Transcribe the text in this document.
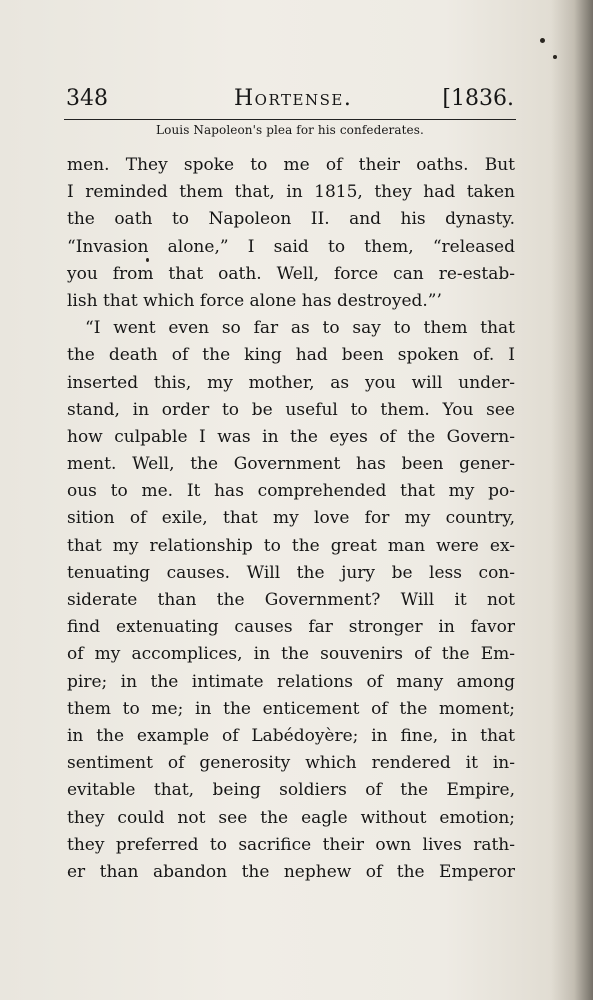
348	Hortense.	[1836.
Louis Napoleon's plea for his confederates.
men. They spoke to me of their oaths. But
I reminded them that, in 1815, they had taken
the oath to Napoleon II. and his dynasty.
“Invasion alone,” I said to them, “released
you from that oath. Well, force can re-estab-
lish that which force alone has destroyed.”’
“I went even so far as to say to them that
the death of the king had been spoken of. I
inserted this, my mother, as you will under-
stand, in order to be useful to them. You see
how culpable I was in the eyes of the Govern-
ment. Well, the Government has been gener-
ous to me. It has comprehended that my po-
sition of exile, that my love for my country,
that my relationship to the great man were ex-
tenuating causes. Will the jury be less con-
siderate than the Government? Will it not
find extenuating causes far stronger in favor
of my accomplices, in the souvenirs of the Em-
pire; in the intimate relations of many among
them to me; in the enticement of the moment;
in the example of Labédoyère; in fine, in that
sentiment of generosity which rendered it in-
evitable that, being soldiers of the Empire,
they could not see the eagle without emotion;
they preferred to sacrifice their own lives rath-
er than abandon the nephew of the Emperor
